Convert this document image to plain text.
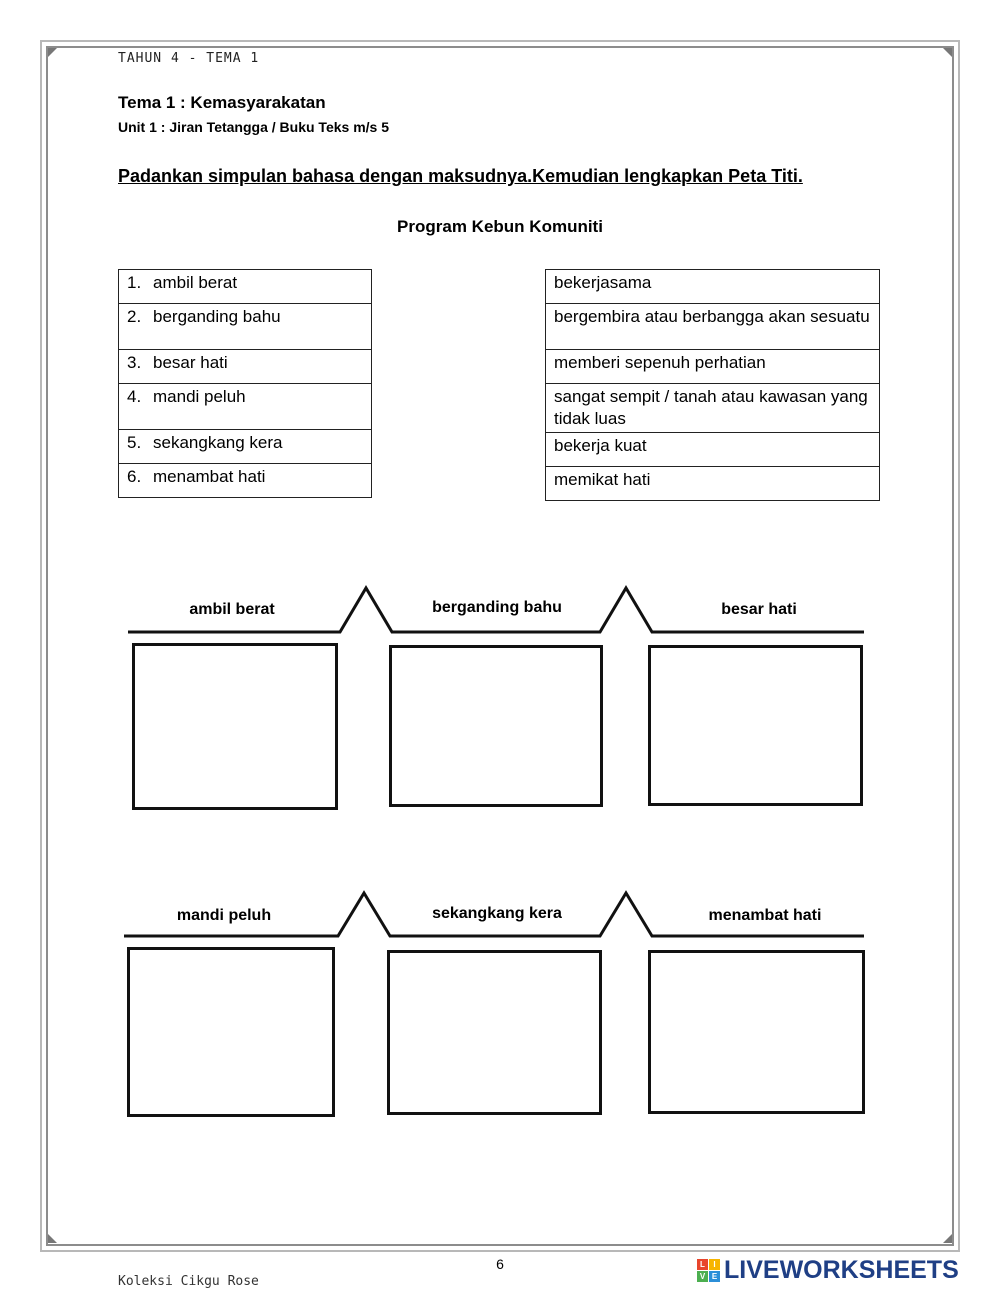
TAHUN 4 - TEMA 1
Tema 1 : Kemasyarakatan
Unit 1 : Jiran Tetangga / Buku Teks m/s 5
Padankan simpulan bahasa dengan maksudnya.Kemudian lengkapkan Peta Titi.
Program Kebun Komuniti
1. ambil berat
2. berganding bahu
3. besar hati
4. mandi peluh
5. sekangkang kera
6. menambat hati
bekerjasama
bergembira atau berbangga akan sesuatu
memberi sepenuh perhatian
sangat sempit / tanah atau kawasan yang tidak luas
bekerja kuat
memikat hati
ambil berat	berganding bahu	besar hati
mandi peluh	sekangkang kera	menambat hati
6
Koleksi Cikgu Rose
L	I
V E LIVEWORKSHEETS
